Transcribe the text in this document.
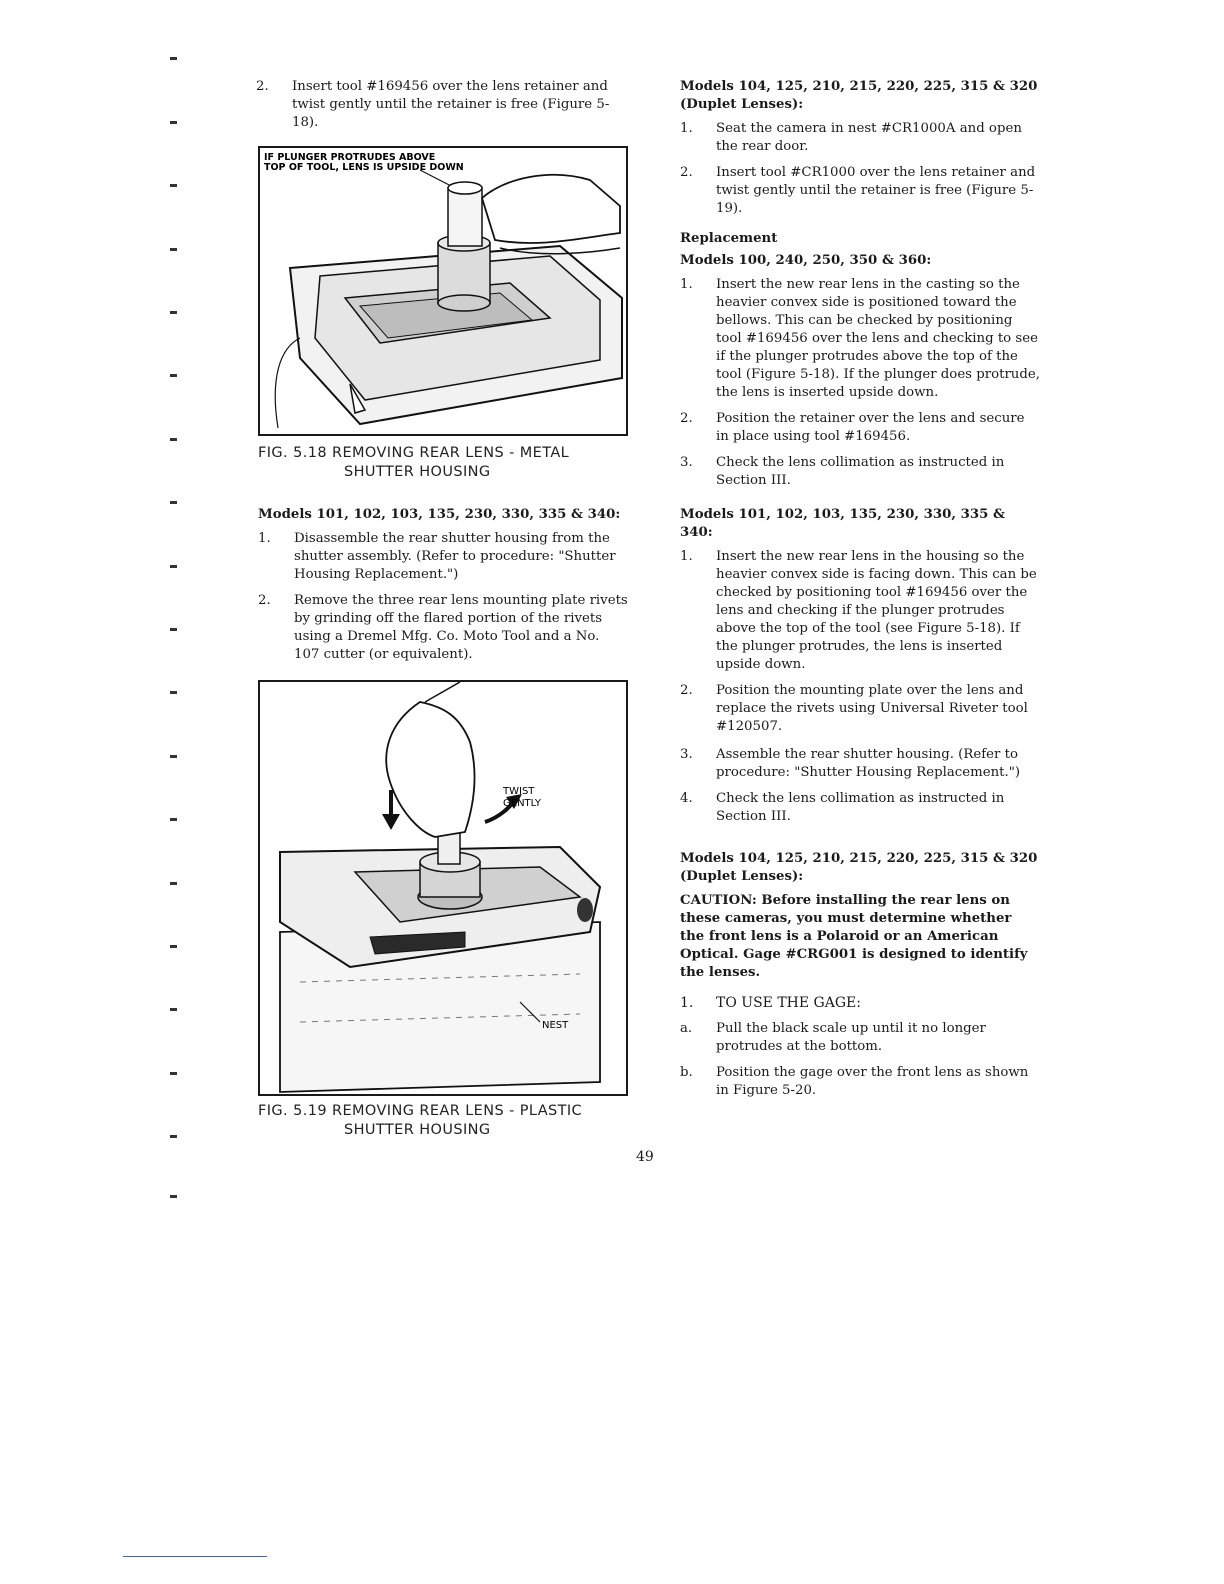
2. Insert tool #169456 over the lens retainer and twist gently until the retainer is free (Figure 5-18).

IF PLUNGER PROTRUDES ABOVE
TOP OF TOOL, LENS IS UPSIDE DOWN

FIG. 5.18 REMOVING REAR LENS - METAL
SHUTTER HOUSING

Models 101, 102, 103, 135, 230, 330, 335 & 340:

1. Disassemble the rear shutter housing from the shutter assembly. (Refer to procedure: "Shutter Housing Replacement.")

2. Remove the three rear lens mounting plate rivets by grinding off the flared portion of the rivets using a Dremel Mfg. Co. Moto Tool and a No. 107 cutter (or equivalent).

TWIST
GENTLY
NEST

FIG. 5.19 REMOVING REAR LENS - PLASTIC
SHUTTER HOUSING

Models 104, 125, 210, 215, 220, 225, 315 & 320

(Duplet Lenses):

1. Seat the camera in nest #CR1000A and open the rear door.

2. Insert tool #CR1000 over the lens retainer and twist gently until the retainer is free (Figure 5-19).

Replacement

Models 100, 240, 250, 350 & 360:

1. Insert the new rear lens in the casting so the heavier convex side is positioned toward the bellows. This can be checked by positioning tool #169456 over the lens and checking to see if the plunger protrudes above the top of the tool (Figure 5-18). If the plunger does protrude, the lens is inserted upside down.

2. Position the retainer over the lens and secure in place using tool #169456.

3. Check the lens collimation as instructed in Section III.

Models 101, 102, 103, 135, 230, 330, 335 & 340:

1. Insert the new rear lens in the housing so the heavier convex side is facing down. This can be checked by positioning tool #169456 over the lens and checking if the plunger protrudes above the top of the tool (see Figure 5-18). If the plunger protrudes, the lens is inserted upside down.

2. Position the mounting plate over the lens and replace the rivets using Universal Riveter tool #120507.

3. Assemble the rear shutter housing. (Refer to procedure: "Shutter Housing Replacement.")

4. Check the lens collimation as instructed in Section III.

Models 104, 125, 210, 215, 220, 225, 315 & 320

(Duplet Lenses):

CAUTION: Before installing the rear lens on these cameras, you must determine whether the front lens is a Polaroid or an American Optical. Gage #CRG001 is designed to identify the lenses.

1. TO USE THE GAGE:

a. Pull the black scale up until it no longer protrudes at the bottom.

b. Position the gage over the front lens as shown in Figure 5-20.

49
